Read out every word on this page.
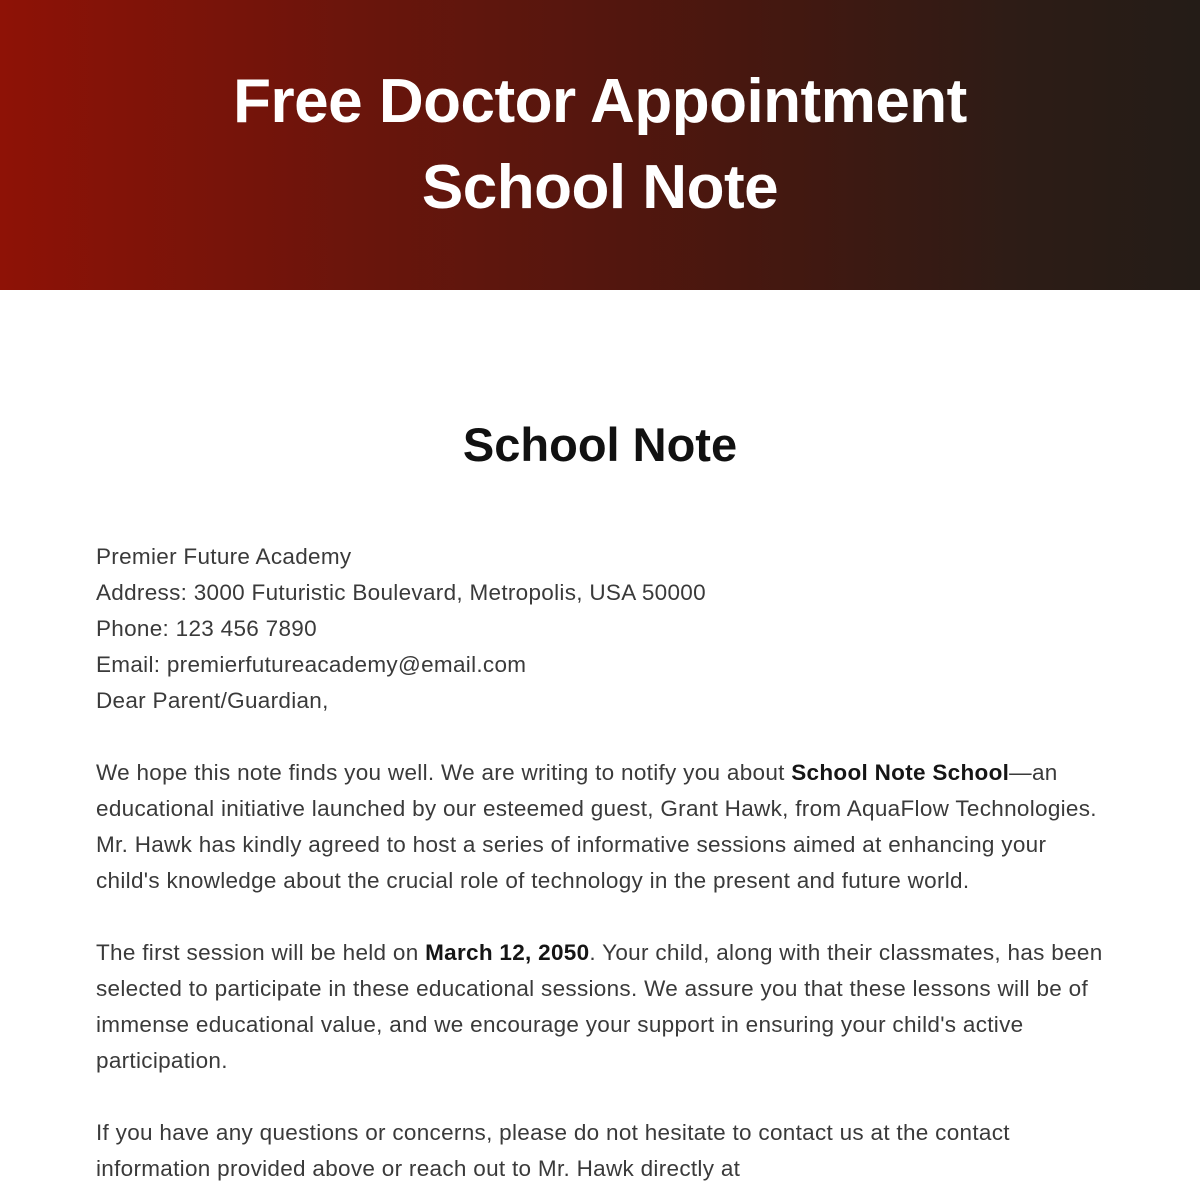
Free Doctor Appointment
School Note
School Note
Premier Future Academy
Address: 3000 Futuristic Boulevard, Metropolis, USA 50000
Phone: 123 456 7890
Email: premierfutureacademy@email.com
Dear Parent/Guardian,

We hope this note finds you well. We are writing to notify you about School Note School—an educational initiative launched by our esteemed guest, Grant Hawk, from AquaFlow Technologies. Mr. Hawk has kindly agreed to host a series of informative sessions aimed at enhancing your child's knowledge about the crucial role of technology in the present and future world.

The first session will be held on March 12, 2050. Your child, along with their classmates, has been selected to participate in these educational sessions. We assure you that these lessons will be of immense educational value, and we encourage your support in ensuring your child's active participation.

If you have any questions or concerns, please do not hesitate to contact us at the contact information provided above or reach out to Mr. Hawk directly at
